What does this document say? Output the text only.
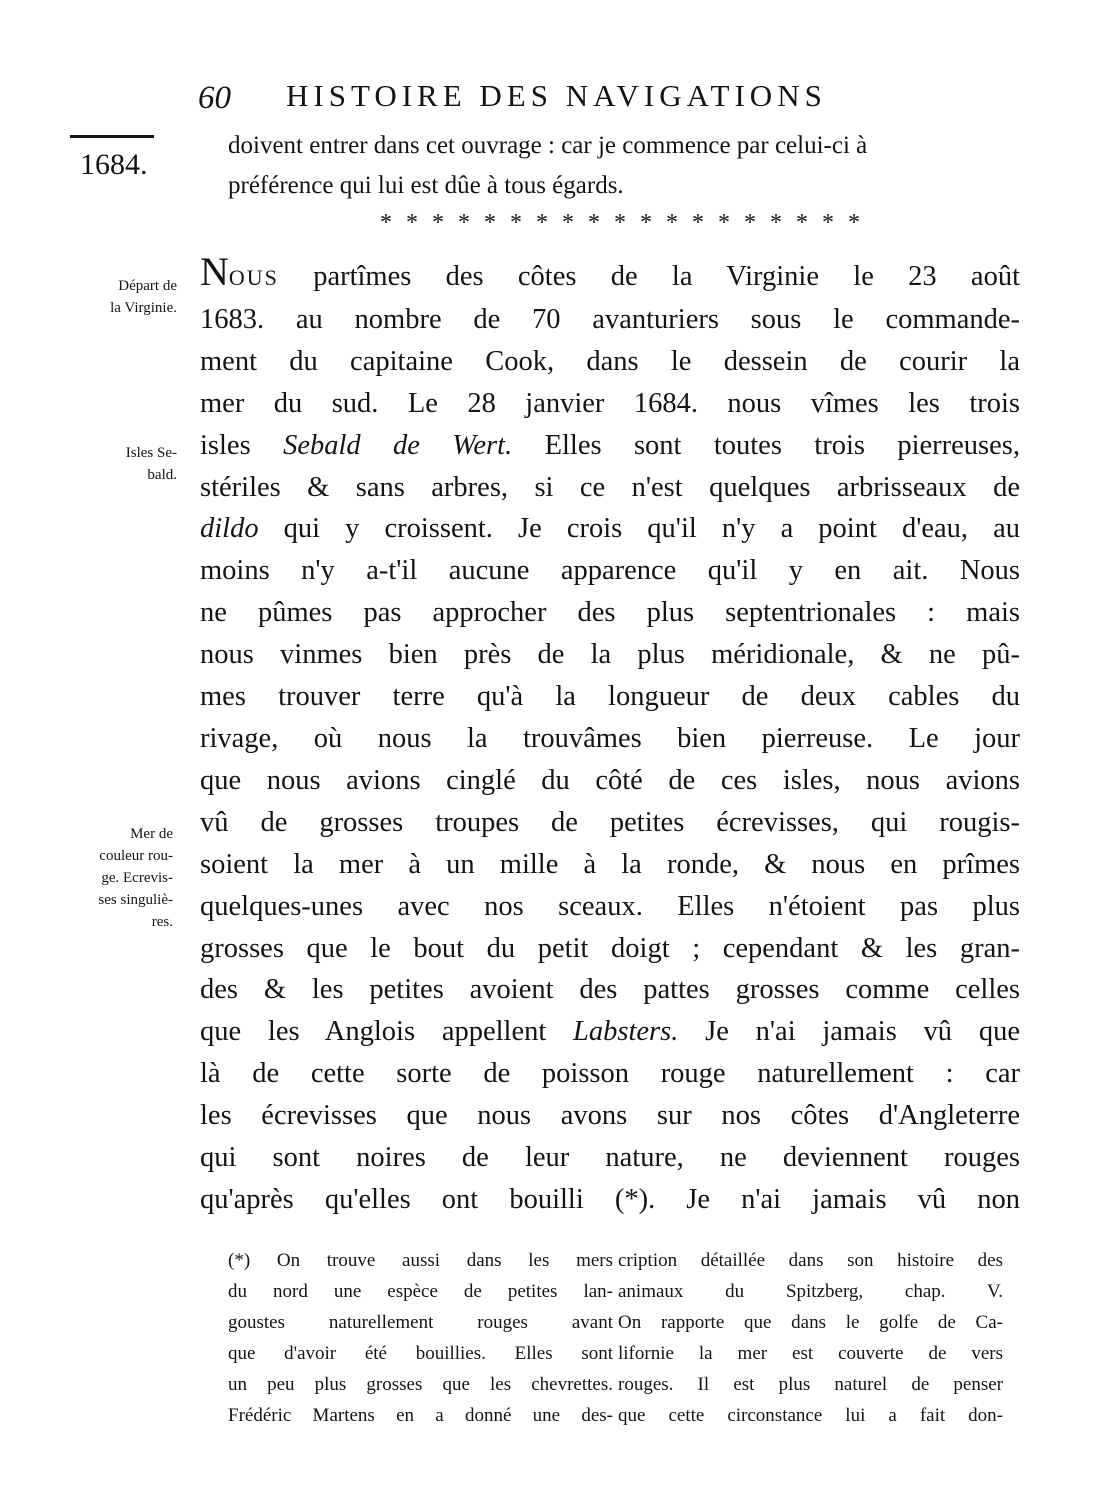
60 HISTOIRE DES NAVIGATIONS
1684.
doivent entrer dans cet ouvrage : car je commence par celui-ci à
préférence qui lui est dûe à tous égards.
* * * * * * * * * * * * * * * * * * *
Départ de
la Virginie.
Isles Se-
bald.
Mer de
couleur rou-
ge. Ecrevis-
ses singuliè-
res.
NOUS partîmes des côtes de la Virginie le 23 août
1683. au nombre de 70 avanturiers sous le commande-
ment du capitaine Cook, dans le dessein de courir la
mer du sud. Le 28 janvier 1684. nous vîmes les trois
isles Sebald de Wert. Elles sont toutes trois pierreuses,
stériles & sans arbres, si ce n'est quelques arbrisseaux de
dildo qui y croissent. Je crois qu'il n'y a point d'eau, au
moins n'y a-t'il aucune apparence qu'il y en ait. Nous
ne pûmes pas approcher des plus septentrionales : mais
nous vinmes bien près de la plus méridionale, & ne pû-
mes trouver terre qu'à la longueur de deux cables du
rivage, où nous la trouvâmes bien pierreuse. Le jour
que nous avions cinglé du côté de ces isles, nous avions
vû de grosses troupes de petites écrevisses, qui rougis-
soient la mer à un mille à la ronde, & nous en prîmes
quelques-unes avec nos sceaux. Elles n'étoient pas plus
grosses que le bout du petit doigt ; cependant & les gran-
des & les petites avoient des pattes grosses comme celles
que les Anglois appellent Labsters. Je n'ai jamais vû que
là de cette sorte de poisson rouge naturellement : car
les écrevisses que nous avons sur nos côtes d'Angleterre
qui sont noires de leur nature, ne deviennent rouges
qu'après qu'elles ont bouilli (*). Je n'ai jamais vû non
(*) On trouve aussi dans les mers
du nord une espèce de petites lan-
goustes naturellement rouges avant
que d'avoir été bouillies. Elles sont
un peu plus grosses que les chevrettes.
Frédéric Martens en a donné une des-
cription détaillée dans son histoire des
animaux du Spitzberg, chap. V.
On rapporte que dans le golfe de Ca-
lifornie la mer est couverte de vers
rouges. Il est plus naturel de penser
que cette circonstance lui a fait don-
